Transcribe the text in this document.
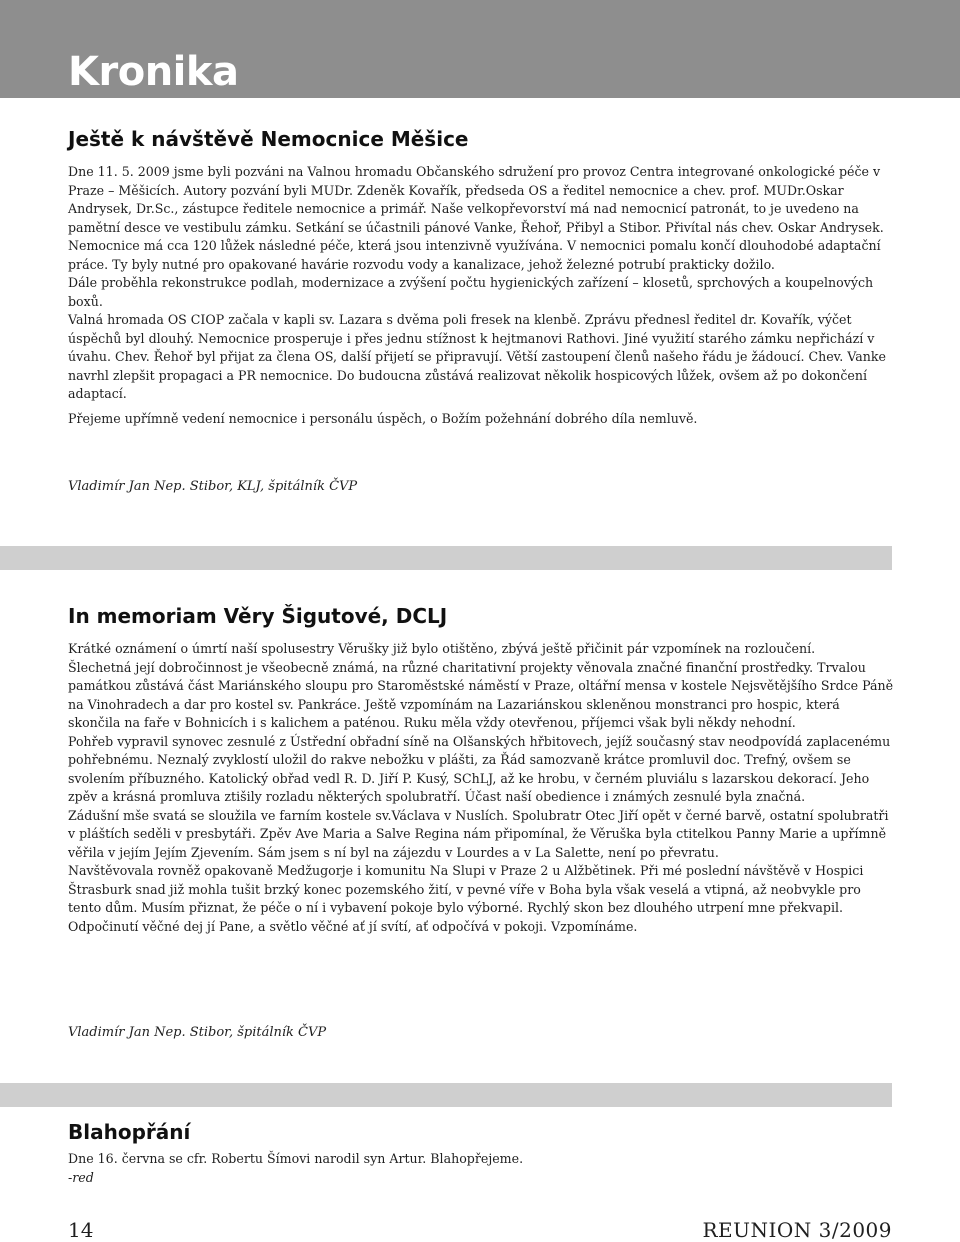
Kronika
Ještě k návštěvě Nemocnice Měšice

Dne 11. 5. 2009 jsme byli pozváni na Valnou hromadu Občanského sdružení pro provoz Centra integrované onkologické péče v Praze – Měšicích. Autory pozvání byli MUDr. Zdeněk Kovařík, předseda OS a ředitel nemocnice a chev. prof. MUDr.Oskar Andrysek, Dr.Sc., zástupce ředitele nemocnice a primář. Naše velkopřevorství má nad nemocnicí patronát, to je uvedeno na pamětní desce ve vestibulu zámku. Setkání se účastnili pánové Vanke, Řehoř, Přibyl a Stibor. Přivítal nás chev. Oskar Andrysek.

Nemocnice má cca 120 lůžek následné péče, která jsou intenzivně využívána. V nemocnici pomalu končí dlouhodobé adaptační práce. Ty byly nutné pro opakované havárie rozvodu vody a kanalizace, jehož železné potrubí prakticky dožilo.

Dále proběhla rekonstrukce podlah, modernizace a zvýšení počtu hygienických zařízení – klosetů, sprchových a koupelnových boxů.

Valná hromada OS CIOP začala v kapli sv. Lazara s dvěma poli fresek na klenbě. Zprávu přednesl ředitel dr. Kovařík, výčet úspěchů byl dlouhý. Nemocnice prosperuje i přes jednu stížnost k hejtmanovi Rathovi. Jiné využití starého zámku nepřichází v úvahu. Chev. Řehoř byl přijat za člena OS, další přijetí se připravují. Větší zastoupení členů našeho řádu je žádoucí. Chev. Vanke navrhl zlepšit propagaci a PR nemocnice. Do budoucna zůstává realizovat několik hospicových lůžek, ovšem až po dokončení adaptací.

Přejeme upřímně vedení nemocnice i personálu úspěch, o Božím požehnání dobrého díla nemluvě.

Vladimír Jan Nep. Stibor, KLJ, špitálník ČVP

In memoriam Věry Šigutové, DCLJ

Krátké oznámení o úmrtí naší spolusestry Věrušky již bylo otištěno, zbývá ještě přičinit pár vzpomínek na rozloučení.

Šlechetná její dobročinnost je všeobecně známá, na různé charitativní projekty věnovala značné finanční prostředky. Trvalou památkou zůstává část Mariánského sloupu pro Staroměstské náměstí v Praze, oltářní mensa v kostele Nejsvětějšího Srdce Páně na Vinohradech a dar pro kostel sv. Pankráce. Ještě vzpomínám na Lazariánskou skleněnou monstranci pro hospic, která skončila na faře v Bohnicích i s kalichem a paténou. Ruku měla vždy otevřenou, příjemci však byli někdy nehodní.

Pohřeb vypravil synovec zesnulé z Ústřední obřadní síně na Olšanských hřbitovech, jejíž současný stav neodpovídá zaplacenému pohřebnému. Neznalý zvyklostí uložil do rakve nebožku v plášti, za Řád samozvaně krátce promluvil doc. Trefný, ovšem se svolením příbuzného. Katolický obřad vedl R. D. Jiří P. Kusý, SChLJ, až ke hrobu, v černém pluviálu s lazarskou dekorací. Jeho zpěv a krásná promluva ztišily rozladu některých spolubratří. Účast naší obedience i známých zesnulé byla značná.

Zádušní mše svatá se sloužila ve farním kostele sv.Václava v Nuslích. Spolubratr Otec Jiří opět v černé barvě, ostatní spolubratři v pláštích seděli v presbytáři. Zpěv Ave Maria a Salve Regina nám připomínal, že Věruška byla ctitelkou Panny Marie a upřímně věřila v jejím Jejím Zjevením. Sám jsem s ní byl na zájezdu v Lourdes a v La Salette, není po převratu.

Navštěvovala rovněž opakovaně Medžugorje i komunitu Na Slupi v Praze 2 u Alžbětinek. Při mé poslední návštěvě v Hospici Štrasburk snad již mohla tušit brzký konec pozemského žití, v pevné víře v Boha byla však veselá a vtipná, až neobvykle pro tento dům. Musím přiznat, že péče o ní i vybavení pokoje bylo výborné. Rychlý skon bez dlouhého utrpení mne překvapil.

Odpočinutí věčné dej jí Pane, a světlo věčné ať jí svítí, ať odpočívá v pokoji. Vzpomínáme.

Vladimír Jan Nep. Stibor, špitálník ČVP

Blahopřání

Dne 16. června se cfr. Robertu Šímovi narodil syn Artur. Blahopřejeme.

-red

14	REUNION 3/2009
